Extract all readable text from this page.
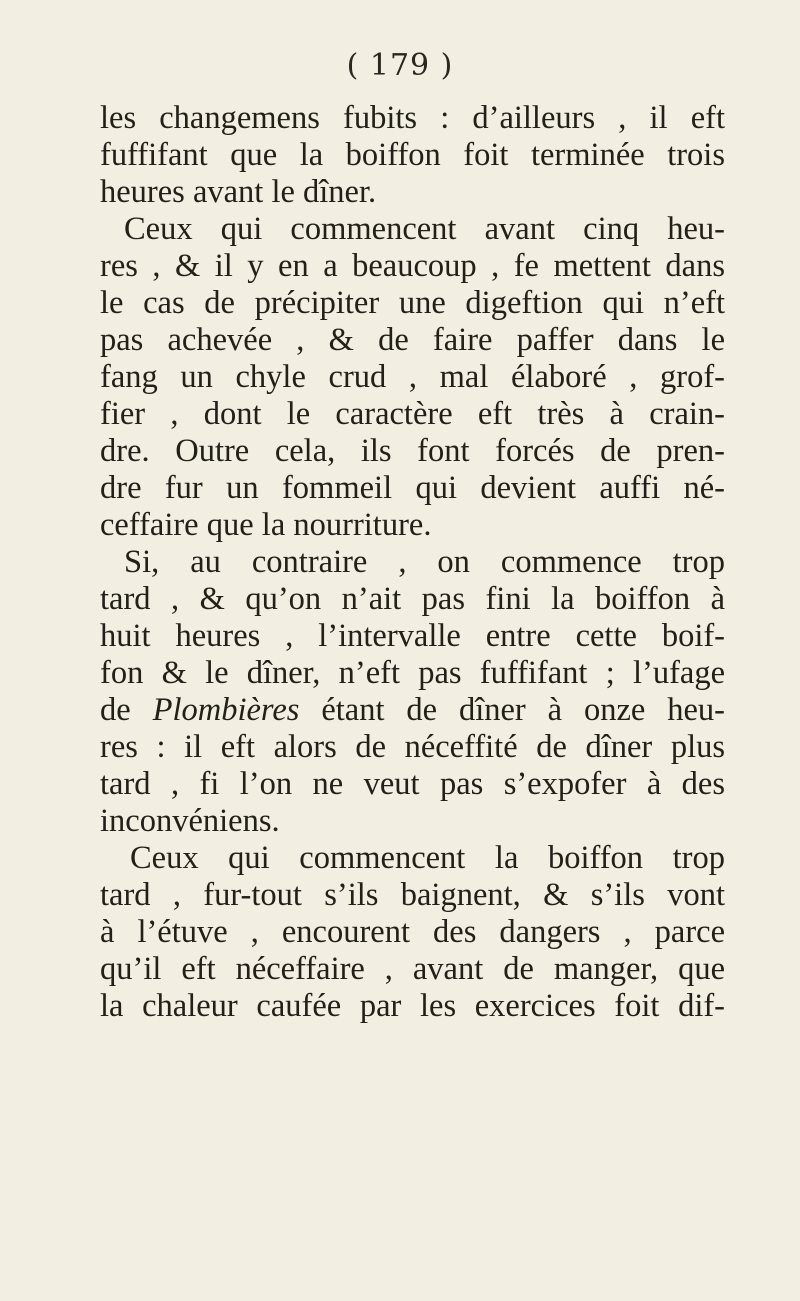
( 179 )
les changemens fubits : d’ailleurs , il eft
fuffifant que la boiffon foit terminée trois
heures avant le dîner.
Ceux qui commencent avant cinq heu-
res , & il y en a beaucoup , fe mettent dans
le cas de précipiter une digeftion qui n’eft
pas achevée , & de faire paffer dans le
fang un chyle crud , mal élaboré , grof-
fier , dont le caractère eft très à crain-
dre. Outre cela, ils font forcés de pren-
dre fur un fommeil qui devient auffi né-
ceffaire que la nourriture.
Si, au contraire , on commence trop
tard , & qu’on n’ait pas fini la boiffon à
huit heures , l’intervalle entre cette boif-
fon & le dîner, n’eft pas fuffifant ; l’ufage
de Plombières étant de dîner à onze heu-
res : il eft alors de néceffité de dîner plus
tard , fi l’on ne veut pas s’expofer à des
inconvéniens.
Ceux qui commencent la boiffon trop
tard , fur-tout s’ils baignent, & s’ils vont
à l’étuve , encourent des dangers , parce
qu’il eft néceffaire , avant de manger, que
la chaleur caufée par les exercices foit dif-
